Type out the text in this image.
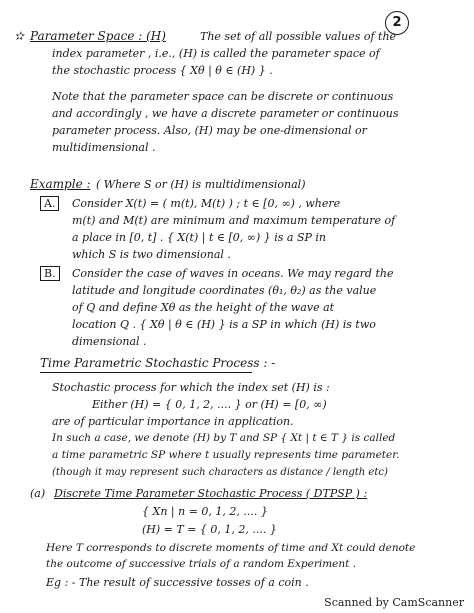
2
✫ Parameter Space : (H)	The set of all possible values of the
index parameter , i.e., (H) is called the parameter space of
the stochastic process { Xθ | θ ∈ (H) } .
Note that the parameter space can be discrete or continuous
and accordingly , we have a discrete parameter or continuous
parameter process. Also, (H) may be one-dimensional or
multidimensional .
Example : ( Where S or (H) is multidimensional)
A.	Consider X(t) = ( m(t), M(t) ) ; t ∈ [0, ∞) , where
m(t) and M(t) are minimum and maximum temperature of
a place in [0, t] . { X(t) | t ∈ [0, ∞) } is a SP in
which S is two dimensional .
B.	Consider the case of waves in oceans. We may regard the
latitude and longitude coordinates (θ₁, θ₂) as the value
of Q and define Xθ as the height of the wave at
location Q . { Xθ | θ ∈ (H) } is a SP in which (H) is two
dimensional .
Time Parametric Stochastic Process : -
Stochastic process for which the index set (H) is :
Either (H) = { 0, 1, 2, .... } or (H) = [0, ∞)
are of particular importance in application.
In such a case, we denote (H) by T and SP { Xt | t ∈ T } is called
a time parametric SP where t usually represents time parameter.
(though it may represent such characters as distance / length etc)
(a) Discrete Time Parameter Stochastic Process ( DTPSP ) :
{ Xn | n = 0, 1, 2, .... }
(H) = T = { 0, 1, 2, .... }
Here T corresponds to discrete moments of time and Xt could denote
the outcome of successive trials of a random Experiment .
Eg : - The result of successive tosses of a coin .
Scanned by CamScanner
